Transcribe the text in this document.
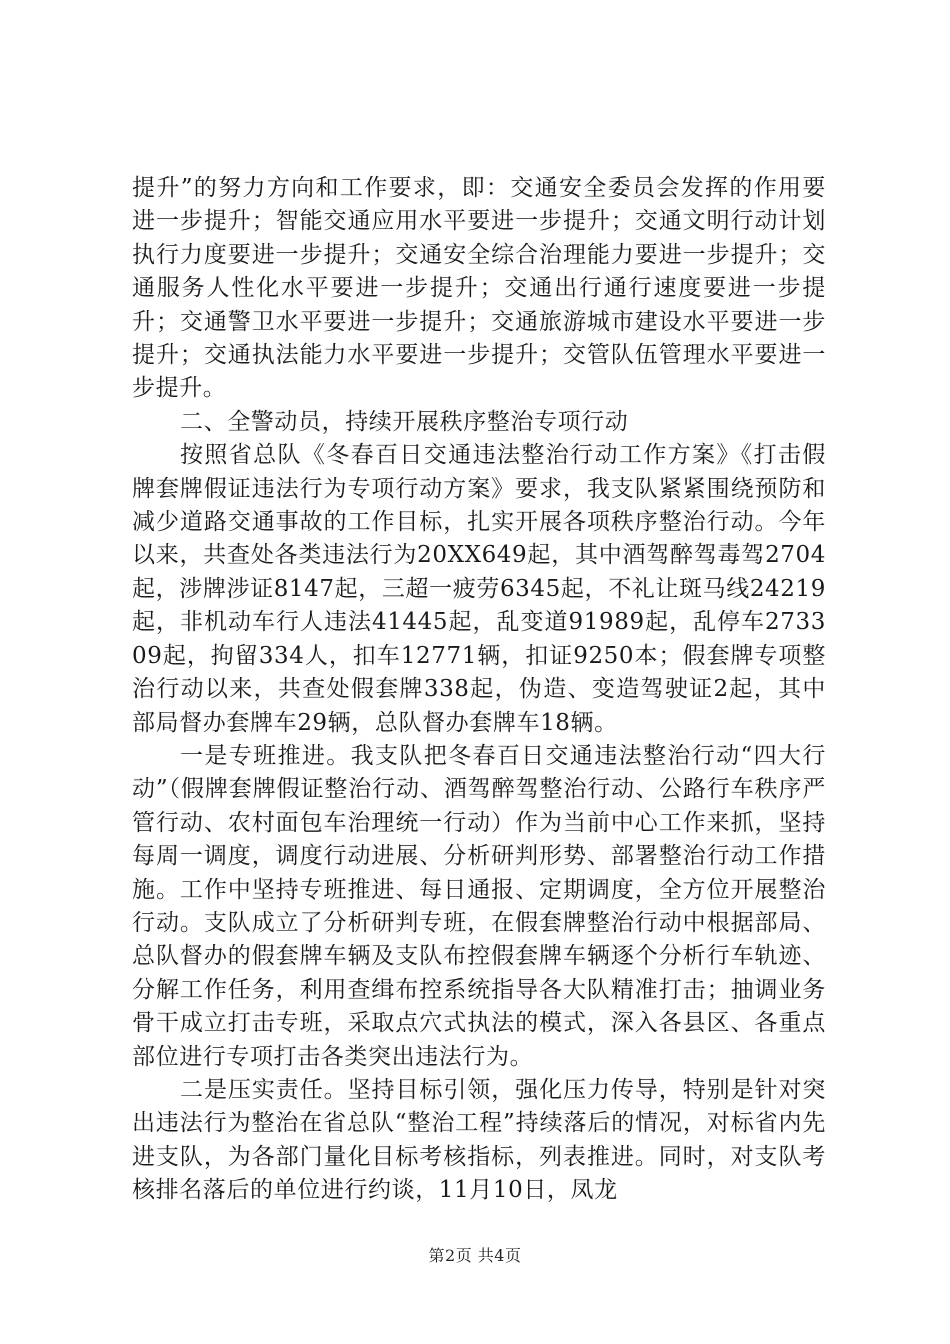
提升”的努力方向和工作要求，即：交通安全委员会发挥的作用要进一步提升；智能交通应用水平要进一步提升；交通文明行动计划执行力度要进一步提升；交通安全综合治理能力要进一步提升；交通服务人性化水平要进一步提升；交通出行通行速度要进一步提升；交通警卫水平要进一步提升；交通旅游城市建设水平要进一步提升；交通执法能力水平要进一步提升；交管队伍管理水平要进一步提升。

二、全警动员，持续开展秩序整治专项行动

按照省总队《冬春百日交通违法整治行动工作方案》《打击假牌套牌假证违法行为专项行动方案》要求，我支队紧紧围绕预防和减少道路交通事故的工作目标，扎实开展各项秩序整治行动。今年以来，共查处各类违法行为20XX649起，其中酒驾醉驾毒驾2704起，涉牌涉证8147起，三超一疲劳6345起，不礼让斑马线24219起，非机动车行人违法41445起，乱变道91989起，乱停车273309起，拘留334人，扣车12771辆，扣证9250本；假套牌专项整治行动以来，共查处假套牌338起，伪造、变造驾驶证2起，其中部局督办套牌车29辆，总队督办套牌车18辆。

一是专班推进。我支队把冬春百日交通违法整治行动“四大行动”（假牌套牌假证整治行动、酒驾醉驾整治行动、公路行车秩序严管行动、农村面包车治理统一行动）作为当前中心工作来抓，坚持每周一调度，调度行动进展、分析研判形势、部署整治行动工作措施。工作中坚持专班推进、每日通报、定期调度，全方位开展整治行动。支队成立了分析研判专班，在假套牌整治行动中根据部局、总队督办的假套牌车辆及支队布控假套牌车辆逐个分析行车轨迹、分解工作任务，利用查缉布控系统指导各大队精准打击；抽调业务骨干成立打击专班，采取点穴式执法的模式，深入各县区、各重点部位进行专项打击各类突出违法行为。

二是压实责任。坚持目标引领，强化压力传导，特别是针对突出违法行为整治在省总队“整治工程”持续落后的情况，对标省内先进支队，为各部门量化目标考核指标，列表推进。同时，对支队考核排名落后的单位进行约谈，11月10日，凤龙

第2页 共4页
